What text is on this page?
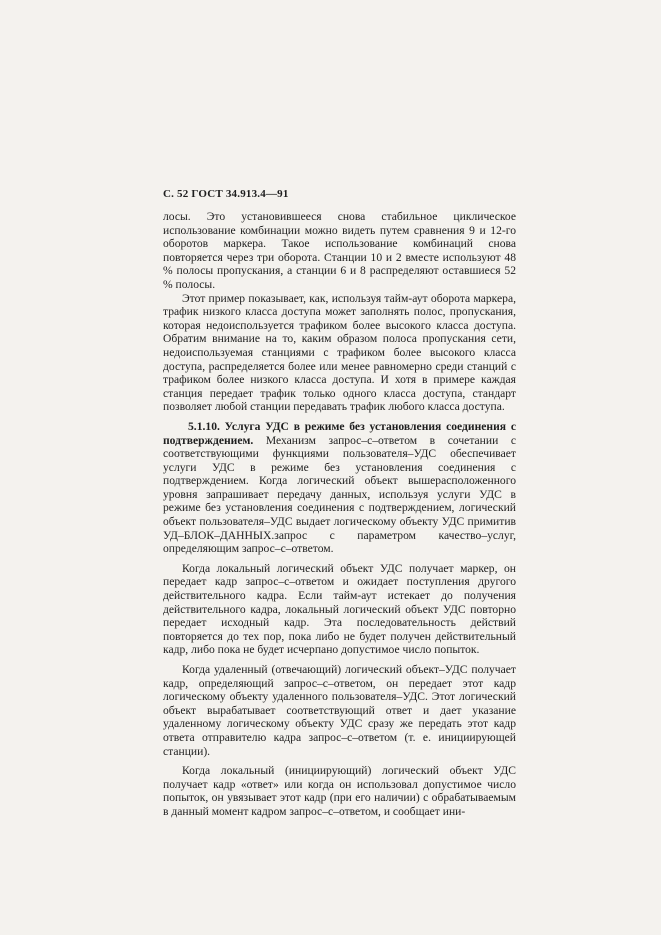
С. 52 ГОСТ 34.913.4—91

лосы. Это установившееся снова стабильное циклическое использование комбинации можно видеть путем сравнения 9 и 12-го оборотов маркера. Такое использование комбинаций снова повторяется через три оборота. Станции 10 и 2 вместе используют 48 % полосы пропускания, а станции 6 и 8 распределяют оставшиеся 52 % полосы.

Этот пример показывает, как, используя тайм-аут оборота маркера, трафик низкого класса доступа может заполнять полос, пропускания, которая недоиспользуется трафиком более высокого класса доступа. Обратим внимание на то, каким образом полоса пропускания сети, недоиспользуемая станциями с трафиком более высокого класса доступа, распределяется более или менее равномерно среди станций с трафиком более низкого класса доступа. И хотя в примере каждая станция передает трафик только одного класса доступа, стандарт позволяет любой станции передавать трафик любого класса доступа.

5.1.10. Услуга УДС в режиме без установления соединения с подтверждением. Механизм запрос–с–ответом в сочетании с соответствующими функциями пользователя–УДС обеспечивает услуги УДС в режиме без установления соединения с подтверждением. Когда логический объект вышерасположенного уровня запрашивает передачу данных, используя услуги УДС в режиме без установления соединения с подтверждением, логический объект пользователя–УДС выдает логическому объекту УДС примитив УД–БЛОК–ДАННЫХ.запрос с параметром качество–услуг, определяющим запрос–с–ответом.

Когда локальный логический объект УДС получает маркер, он передает кадр запрос–с–ответом и ожидает поступления другого действительного кадра. Если тайм-аут истекает до получения действительного кадра, локальный логический объект УДС повторно передает исходный кадр. Эта последовательность действий повторяется до тех пор, пока либо не будет получен действительный кадр, либо пока не будет исчерпано допустимое число попыток.

Когда удаленный (отвечающий) логический объект–УДС получает кадр, определяющий запрос–с–ответом, он передает этот кадр логическому объекту удаленного пользователя–УДС. Этот логический объект вырабатывает соответствующий ответ и дает указание удаленному логическому объекту УДС сразу же передать этот кадр ответа отправителю кадра запрос–с–ответом (т. е. инициирующей станции).

Когда локальный (инициирующий) логический объект УДС получает кадр «ответ» или когда он использовал допустимое число попыток, он увязывает этот кадр (при его наличии) с обрабатываемым в данный момент кадром запрос–с–ответом, и сообщает ини-
